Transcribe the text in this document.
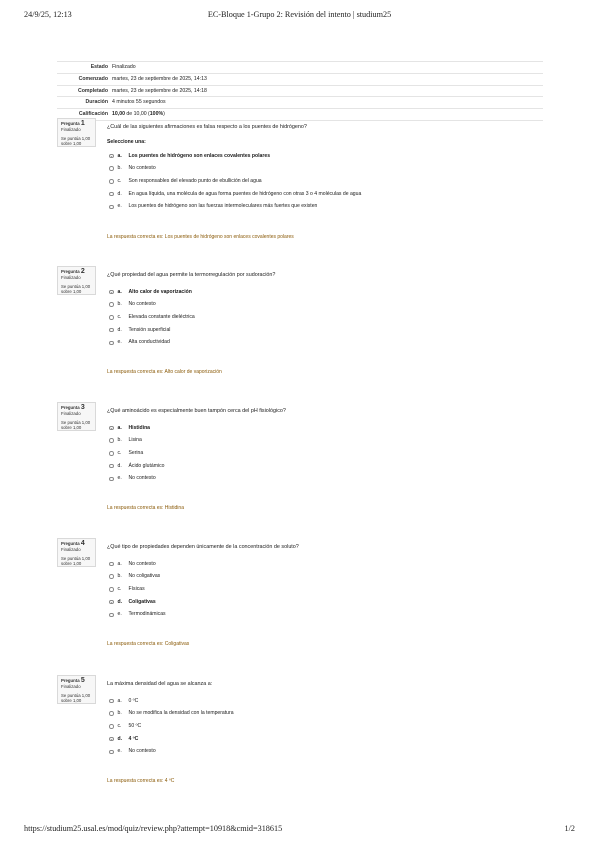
24/9/25, 12:13	EC-Bloque 1-Grupo 2: Revisión del intento | studium25
Estado Finalizado
Comenzado martes, 23 de septiembre de 2025, 14:13
Completado martes, 23 de septiembre de 2025, 14:18
Duración 4 minutos 55 segundos
Calificación 10,00 de 10,00 (100%)
Pregunta 1
Finalizado
Se puntúa 1,00
sobre 1,00
¿Cuál de las siguientes afirmaciones es falsa respecto a los puentes de hidrógeno?
Seleccione una:
a.	Los puentes de hidrógeno son enlaces covalentes polares
b.	No contesto
c.	Son responsables del elevado punto de ebullición del agua
d.	En agua líquida, una molécula de agua forma puentes de hidrógeno con otras 3 o 4 moléculas de agua
e.	Los puentes de hidrógeno son las fuerzas intermoleculares más fuertes que existen
La respuesta correcta es: Los puentes de hidrógeno son enlaces covalentes polares
Pregunta 2
Finalizado
Se puntúa 1,00
sobre 1,00
¿Qué propiedad del agua permite la termorregulación por sudoración?
a.	Alto calor de vaporización
b.	No contesto
c.	Elevada constante dieléctrica
d.	Tensión superficial
e.	Alta conductividad
La respuesta correcta es: Alto calor de vaporización
Pregunta 3
Finalizado
Se puntúa 1,00
sobre 1,00
¿Qué aminoácido es especialmente buen tampón cerca del pH fisiológico?
a.	Histidina
b.	Lisina
c.	Serina
d.	Ácido glutámico
e.	No contesto
La respuesta correcta es: Histidina
Pregunta 4
Finalizado
Se puntúa 1,00
sobre 1,00
¿Qué tipo de propiedades dependen únicamente de la concentración de soluto?
a.	No contesto
b.	No coligativas
c.	Físicas
d.	Coligativas
e.	Termodinámicas
La respuesta correcta es: Coligativas
Pregunta 5
Finalizado
Se puntúa 1,00
sobre 1,00
La máxima densidad del agua se alcanza a:
a.	0 ºC
b.	No se modifica la densidad con la temperatura
c.	50 ºC
d.	4 ºC
e.	No contesto
La respuesta correcta es: 4 ºC
https://studium25.usal.es/mod/quiz/review.php?attempt=10918&cmid=318615	1/2
